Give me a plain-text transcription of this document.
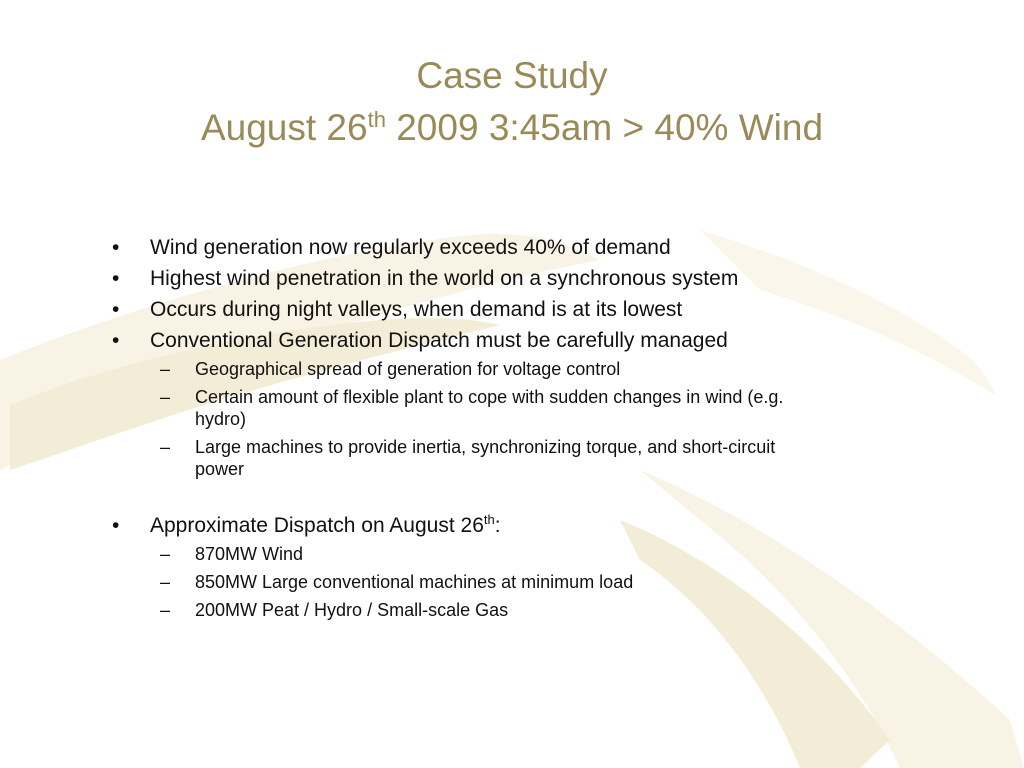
Case Study
August 26th 2009 3:45am > 40% Wind
• Wind generation now regularly exceeds 40% of demand
• Highest wind penetration in the world on a synchronous system
• Occurs during night valleys, when demand is at its lowest
• Conventional Generation Dispatch must be carefully managed
– Geographical spread of generation for voltage control
– Certain amount of flexible plant to cope with sudden changes in wind (e.g. hydro)
– Large machines to provide inertia, synchronizing torque, and short-circuit power
• Approximate Dispatch on August 26th:
– 870MW Wind
– 850MW Large conventional machines at minimum load
– 200MW Peat / Hydro / Small-scale Gas
